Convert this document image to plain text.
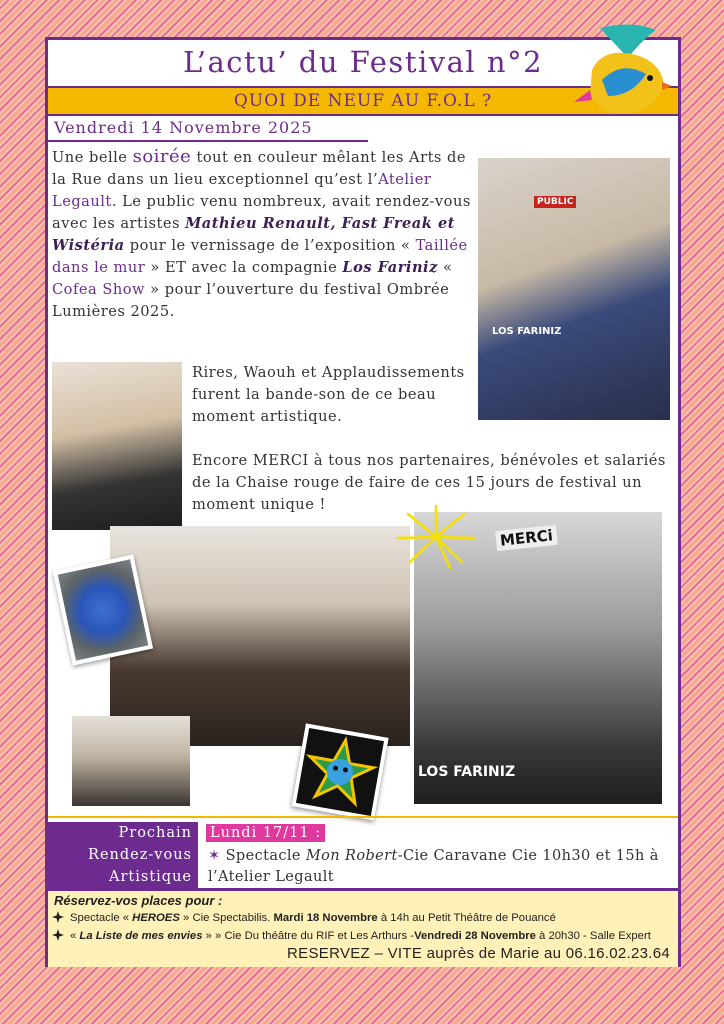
L’actu’ du Festival n°2
QUOI DE NEUF AU F.O.L ?
Vendredi 14 Novembre 2025
Une belle soirée tout en couleur mêlant les Arts de la Rue dans un lieu exceptionnel qu’est l’Atelier Legault. Le public venu nombreux, avait rendez-vous avec les artistes Mathieu Renault, Fast Freak et Wistéria pour le vernissage de l’exposition « Taillée dans le mur » ET avec la compagnie Los Fariniz « Cofea Show » pour l’ouverture du festival Ombrée Lumières 2025.
PUBLIC
LOS FARINIZ
Rires, Waouh et Applaudissements furent la bande-son de ce beau moment artistique.
Encore MERCI à tous nos partenaires, bénévoles et salariés de la Chaise rouge de faire de ces 15 jours de festival un moment unique !
MERCi
LOS FARINIZ
Prochain
Rendez-vous
Artistique
Lundi 17/11 :
✶ Spectacle Mon Robert-Cie Caravane Cie 10h30 et 15h à l’Atelier Legault
Réservez-vos places pour :
Spectacle « HEROES » Cie Spectabilis. Mardi 18 Novembre à 14h au Petit Théâtre de Pouancé
« La Liste de mes envies » » Cie Du théâtre du RIF et Les Arthurs -Vendredi 28 Novembre à 20h30 - Salle Expert
RESERVEZ – VITE auprès de Marie au 06.16.02.23.64
